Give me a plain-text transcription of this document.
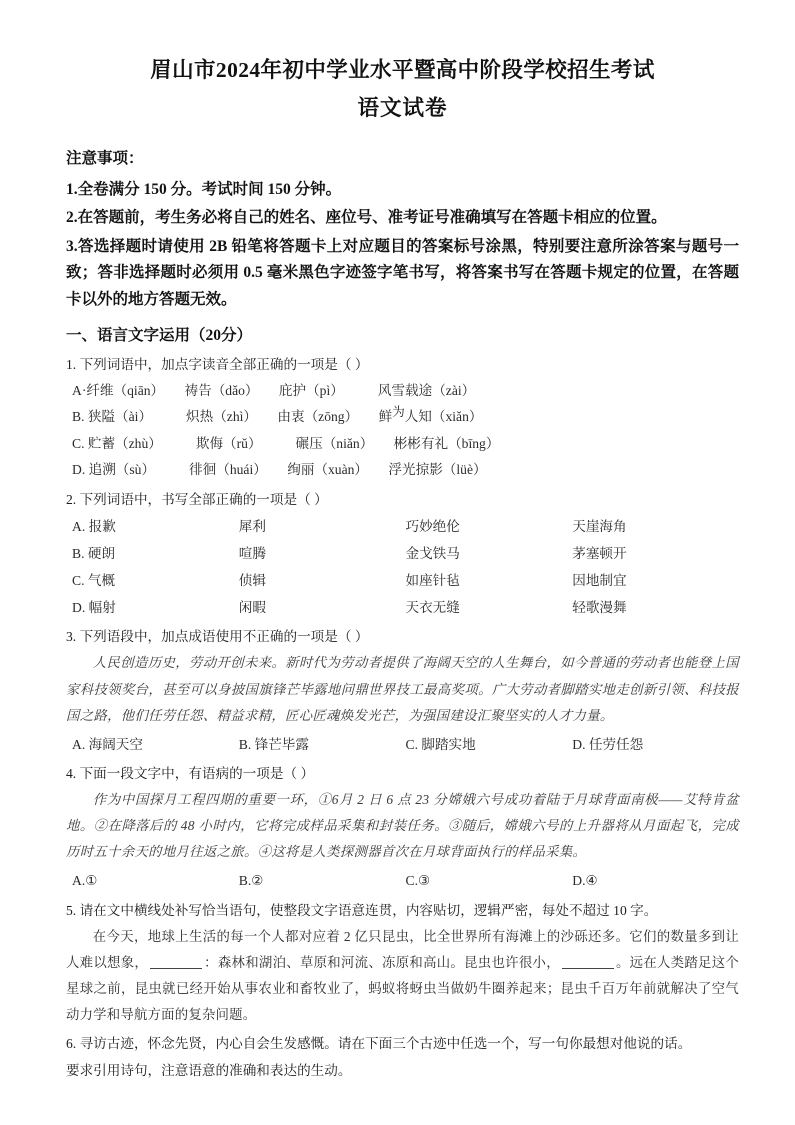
眉山市2024年初中学业水平暨高中阶段学校招生考试
语文试卷
注意事项：
1.全卷满分 150 分。考试时间 150 分钟。
2.在答题前，考生务必将自己的姓名、座位号、准考证号准确填写在答题卡相应的位置。
3.答选择题时请使用 2B 铅笔将答题卡上对应题目的答案标号涂黑，特别要注意所涂答案与题号一致；答非选择题时必须用 0.5 毫米黑色字迹签字笔书写，将答案书写在答题卡规定的位置，在答题卡以外的地方答题无效。
一、语言文字运用（20分）
1. 下列词语中，加点字读音全部正确的一项是（ ）
A·纤维（qiān）　　祷告（dǎo）　　庇护（pì）　　　风雪载途（zài）
B. 狭隘（ài）　　　炽热（zhì）　　由衷（zōng）　　鲜为人知（xiǎn）
C. 贮蓄（zhù）　　　欺侮（rǔ）　　　碾压（niǎn）　　彬彬有礼（bīng）
D. 追溯（sù）　　　徘徊（huái）　　绚丽（xuàn）　　浮光掠影（lüè）
2. 下列词语中，书写全部正确的一项是（ ）
A. 报歉	犀利	巧妙绝伦	天崖海角
B. 硬朗	喧腾	金戈铁马	茅塞顿开
C. 气概	侦辑	如座针毡	因地制宜
D. 幅射	闲暇	天衣无缝	轻歌漫舞
3. 下列语段中，加点成语使用不正确的一项是（ ）
人民创造历史，劳动开创未来。新时代为劳动者提供了海阔天空的人生舞台，如今普通的劳动者也能登上国家科技领奖台，甚至可以身披国旗锋芒毕露地问鼎世界技工最高奖项。广大劳动者脚踏实地走创新引领、科技报国之路，他们任劳任怨、精益求精，匠心匠魂焕发光芒，为强国建设汇聚坚实的人才力量。
A. 海阔天空	B. 锋芒毕露	C. 脚踏实地	D. 任劳任怨
4. 下面一段文字中，有语病的一项是（ ）
作为中国探月工程四期的重要一环，①6月 2 日 6 点 23 分嫦娥六号成功着陆于月球背面南极——艾特肯盆地。②在降落后的 48 小时内，它将完成样品采集和封装任务。③随后，嫦娥六号的上升器将从月面起飞，完成历时五十余天的地月往返之旅。④这将是人类探测器首次在月球背面执行的样品采集。
A.①	B.②	C.③	D.④
5. 请在文中横线处补写恰当语句，使整段文字语意连贯，内容贴切，逻辑严密，每处不超过 10 字。
在今天，地球上生活的每一个人都对应着 2 亿只昆虫，比全世界所有海滩上的沙砾还多。它们的数量多到让人难以想象，	：森林和湖泊、草原和河流、冻原和高山。昆虫也许很小，	。远在人类踏足这个星球之前，昆虫就已经开始从事农业和畜牧业了，蚂蚁将蚜虫当做奶牛圈养起来；昆虫千百万年前就解决了空气动力学和导航方面的复杂问题。
6. 寻访古迹，怀念先贤，内心自会生发感慨。请在下面三个古迹中任选一个，写一句你最想对他说的话。
要求引用诗句，注意语意的准确和表达的生动。
